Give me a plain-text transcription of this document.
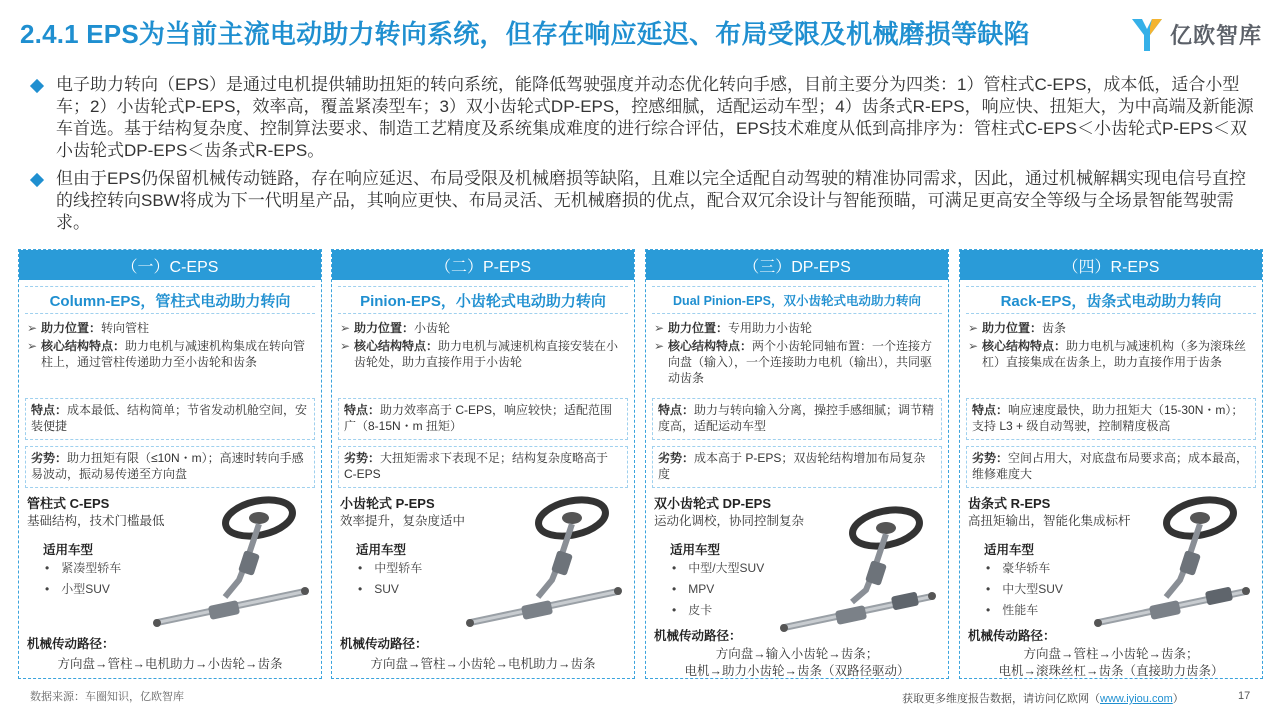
2.4.1 EPS为当前主流电动助力转向系统，但存在响应延迟、布局受限及机械磨损等缺陷	亿欧智库
电子助力转向（EPS）是通过电机提供辅助扭矩的转向系统，能降低驾驶强度并动态优化转向手感，目前主要分为四类：1）管柱式C-EPS，成本低，适合小型车；2）小齿轮式P-EPS，效率高，覆盖紧凑型车；3）双小齿轮式DP-EPS，控感细腻，适配运动车型；4）齿条式R-EPS，响应快、扭矩大，为中高端及新能源车首选。基于结构复杂度、控制算法要求、制造工艺精度及系统集成难度的进行综合评估，EPS技术难度从低到高排序为：管柱式C-EPS＜小齿轮式P-EPS＜双小齿轮式DP-EPS＜齿条式R-EPS。
但由于EPS仍保留机械传动链路，存在响应延迟、布局受限及机械磨损等缺陷，且难以完全适配自动驾驶的精准协同需求，因此，通过机械解耦实现电信号直控的线控转向SBW将成为下一代明星产品，其响应更快、布局灵活、无机械磨损的优点，配合双冗余设计与智能预瞄，可满足更高安全等级与全场景智能驾驶需求。
（一）C-EPS
Column-EPS，管柱式电动助力转向
➢ 助力位置：转向管柱
➢ 核心结构特点：助力电机与减速机构集成在转向管柱上，通过管柱传递助力至小齿轮和齿条
特点：成本最低、结构简单；节省发动机舱空间，安装便捷
劣势：助力扭矩有限（≤10N・m）；高速时转向手感易波动，振动易传递至方向盘
管柱式 C-EPS
基础结构，技术门槛最低
适用车型
• 紧凑型轿车
• 小型SUV
机械传动路径：
方向盘→管柱→电机助力→小齿轮→齿条
（二）P-EPS
Pinion-EPS，小齿轮式电动助力转向
➢ 助力位置：小齿轮
➢ 核心结构特点：助力电机与减速机构直接安装在小齿轮处，助力直接作用于小齿轮
特点：助力效率高于 C-EPS，响应较快；适配范围广（8-15N・m 扭矩）
劣势：大扭矩需求下表现不足；结构复杂度略高于 C-EPS
小齿轮式 P-EPS
效率提升，复杂度适中
适用车型
• 中型轿车
• SUV
机械传动路径：
方向盘→管柱→小齿轮→电机助力→齿条
（三）DP-EPS
Dual Pinion-EPS，双小齿轮式电动助力转向
➢ 助力位置：专用助力小齿轮
➢ 核心结构特点：两个小齿轮同轴布置：一个连接方向盘（输入），一个连接助力电机（输出），共同驱动齿条
特点：助力与转向输入分离，操控手感细腻；调节精度高，适配运动车型
劣势：成本高于 P-EPS；双齿轮结构增加布局复杂度
双小齿轮式 DP-EPS
运动化调校，协同控制复杂
适用车型
• 中型/大型SUV
• MPV
• 皮卡
机械传动路径：
方向盘→输入小齿轮→齿条；
电机→助力小齿轮→齿条（双路径驱动）
（四）R-EPS
Rack-EPS，齿条式电动助力转向
➢ 助力位置：齿条
➢ 核心结构特点：助力电机与减速机构（多为滚珠丝杠）直接集成在齿条上，助力直接作用于齿条
特点：响应速度最快，助力扭矩大（15-30N・m）；支持 L3 + 级自动驾驶，控制精度极高
劣势：空间占用大，对底盘布局要求高；成本最高，维修难度大
齿条式 R-EPS
高扭矩输出，智能化集成标杆
适用车型
• 豪华轿车
• 中大型SUV
• 性能车
机械传动路径：
方向盘→管柱→小齿轮→齿条；
电机→滚珠丝杠→齿条（直接助力齿条）
数据来源：车圈知识，亿欧智库	获取更多维度报告数据，请访问亿欧网（www.iyiou.com）	17
